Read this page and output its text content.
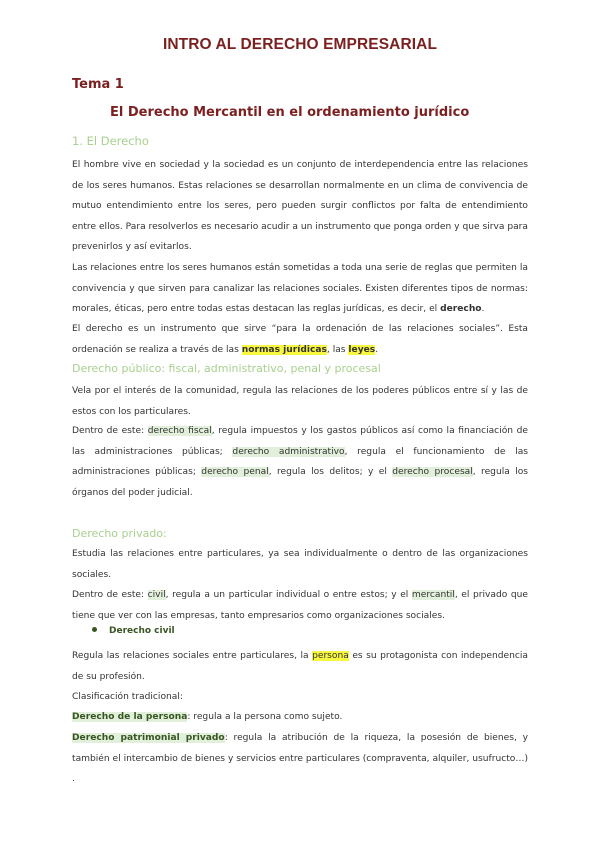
INTRO AL DERECHO EMPRESARIAL
Tema 1
El Derecho Mercantil en el ordenamiento jurídico
1. El Derecho

El hombre vive en sociedad y la sociedad es un conjunto de interdependencia entre las relaciones de los seres humanos. Estas relaciones se desarrollan normalmente en un clima de convivencia de mutuo entendimiento entre los seres, pero pueden surgir conflictos por falta de entendimiento entre ellos. Para resolverlos es necesario acudir a un instrumento que ponga orden y que sirva para prevenirlos y así evitarlos.

Las relaciones entre los seres humanos están sometidas a toda una serie de reglas que permiten la convivencia y que sirven para canalizar las relaciones sociales. Existen diferentes tipos de normas: morales, éticas, pero entre todas estas destacan las reglas jurídicas, es decir, el derecho.

El derecho es un instrumento que sirve “para la ordenación de las relaciones sociales”. Esta ordenación se realiza a través de las normas jurídicas, las leyes.

Derecho público: fiscal, administrativo, penal y procesal

Vela por el interés de la comunidad, regula las relaciones de los poderes públicos entre sí y las de estos con los particulares.

Dentro de este: derecho fiscal, regula impuestos y los gastos públicos así como la financiación de las administraciones públicas; derecho administrativo, regula el funcionamiento de las administraciones públicas; derecho penal, regula los delitos; y el derecho procesal, regula los órganos del poder judicial.

Derecho privado:

Estudia las relaciones entre particulares, ya sea individualmente o dentro de las organizaciones sociales.

Dentro de este: civil, regula a un particular individual o entre estos; y el mercantil, el privado que tiene que ver con las empresas, tanto empresarios como organizaciones sociales.

Derecho civil

Regula las relaciones sociales entre particulares, la persona es su protagonista con independencia de su profesión.

Clasificación tradicional:

Derecho de la persona: regula a la persona como sujeto.

Derecho patrimonial privado: regula la atribución de la riqueza, la posesión de bienes, y también el intercambio de bienes y servicios entre particulares (compraventa, alquiler, usufructo…) .
